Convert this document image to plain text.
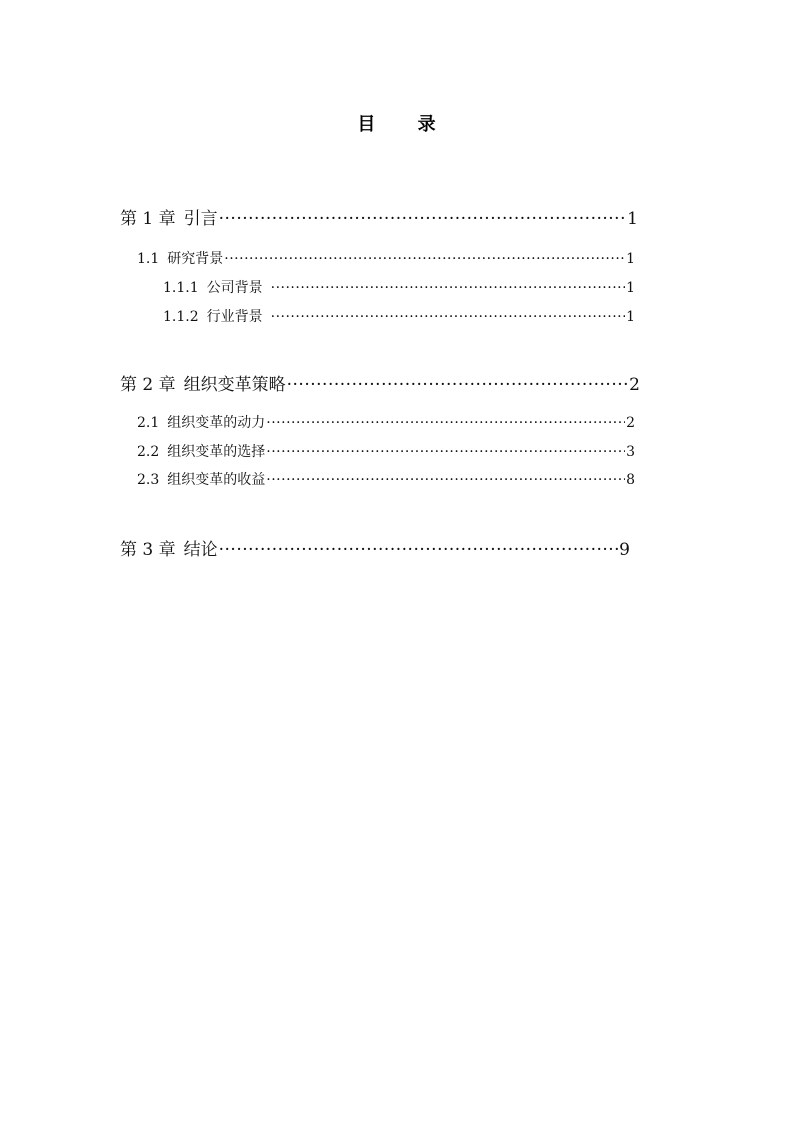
目 录
第 1 章 引言 ·····	1
1.1 研究背景 ·····	1
1.1.1 公司背景 ·····	1
1.1.2 行业背景 ·····	1
第 2 章 组织变革策略 ·····	2
2.1 组织变革的动力 ·····	2
2.2 组织变革的选择 ·····	3
2.3 组织变革的收益 ·····	8
第 3 章 结论 ·····	9
